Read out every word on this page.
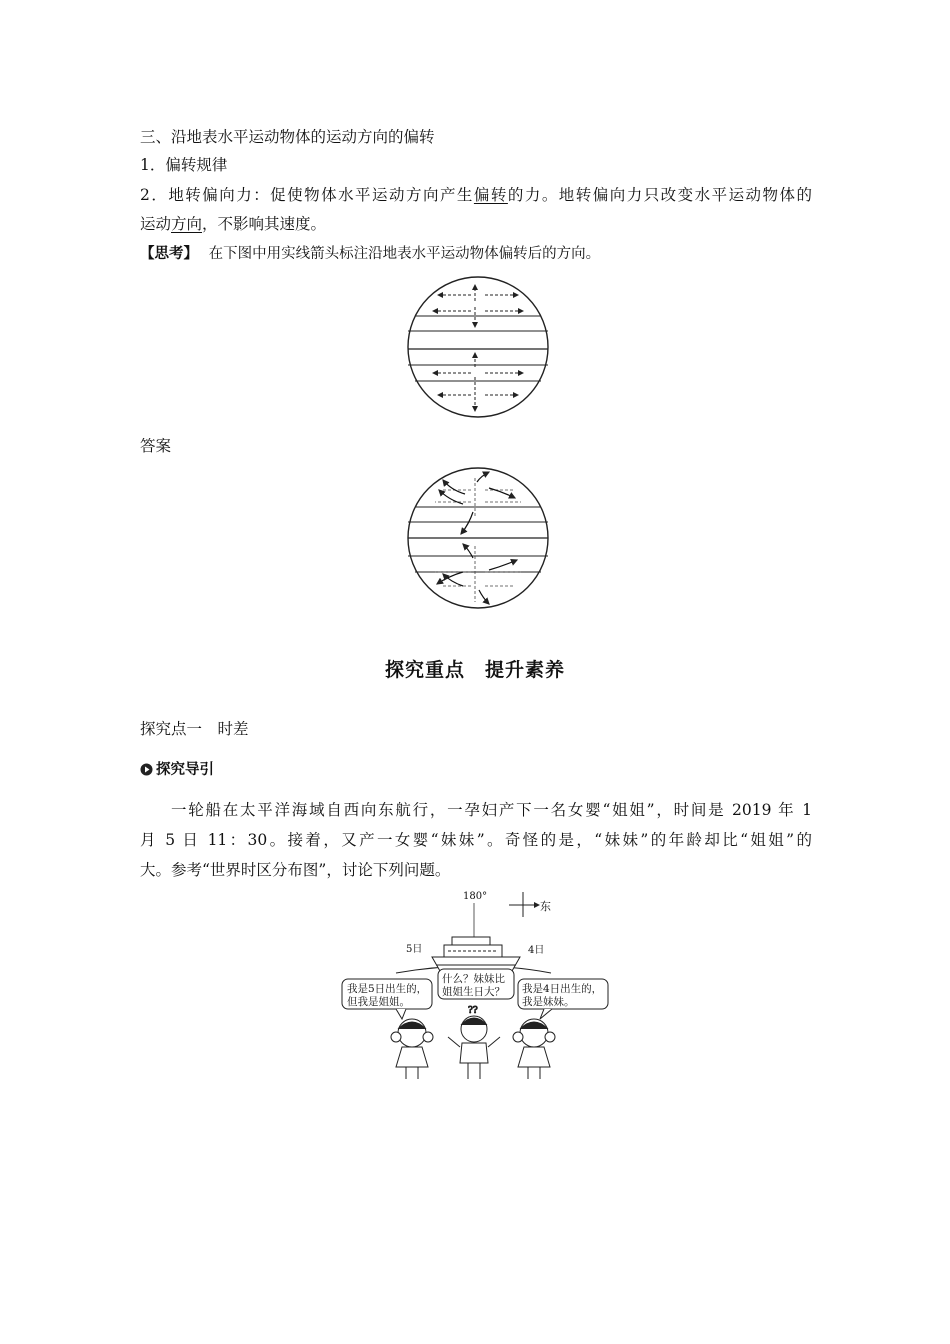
三、沿地表水平运动物体的运动方向的偏转
1．偏转规律
2．地转偏向力：促使物体水平运动方向产生偏转的力。地转偏向力只改变水平运动物体的
运动方向，不影响其速度。
【思考】 在下图中用实线箭头标注沿地表水平运动物体偏转后的方向。
答案
探究重点　提升素养
探究点一　时差
探究导引
一轮船在太平洋海域自西向东航行，一孕妇产下一名女婴“姐姐”，时间是 2019 年 1
月 5 日 11：30。接着，又产一女婴“妹妹”。奇怪的是，“妹妹”的年龄却比“姐姐”的
大。参考“世界时区分布图”，讨论下列问题。
180°
东
5日	4日
我是5日出生的，
但我是姐姐。
什么？妹妹比
姐姐生日大？ 我是4日出生的，
我是妹妹。
??
